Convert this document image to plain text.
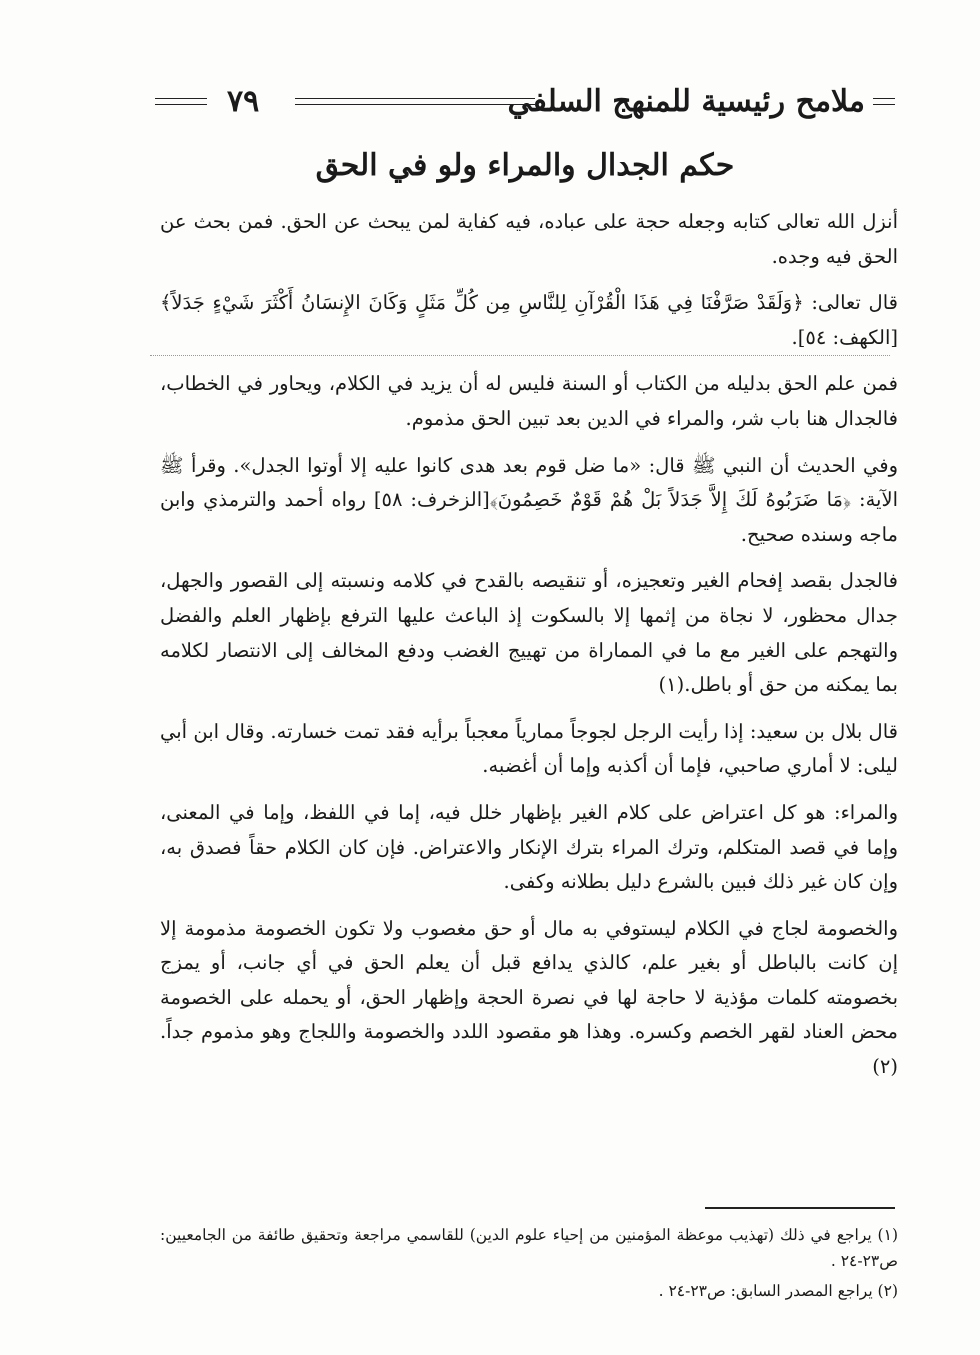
ملامح رئيسية للمنهج السلفي
٧٩
حكم الجدال والمراء ولو في الحق

أنزل الله تعالى كتابه وجعله حجة على عباده، فيه كفاية لمن يبحث عن الحق. فمن بحث عن الحق فيه وجده.

قال تعالى: ﴿وَلَقَدْ صَرَّفْنَا فِي هَذَا الْقُرْآنِ لِلنَّاسِ مِن كُلِّ مَثَلٍ وَكَانَ الإِنسَانُ أَكْثَرَ شَيْءٍ جَدَلاً﴾[الكهف: ٥٤].

فمن علم الحق بدليله من الكتاب أو السنة فليس له أن يزيد في الكلام، ويحاور في الخطاب، فالجدال هنا باب شر، والمراء في الدين بعد تبين الحق مذموم.

وفي الحديث أن النبي ﷺ قال: «ما ضل قوم بعد هدى كانوا عليه إلا أوتوا الجدل». وقرأ ﷺ الآية: ﴿مَا ضَرَبُوهُ لَكَ إِلاَّ جَدَلاً بَلْ هُمْ قَوْمٌ خَصِمُونَ﴾[الزخرف: ٥٨] رواه أحمد والترمذي وابن ماجه وسنده صحيح.

فالجدل بقصد إفحام الغير وتعجيزه، أو تنقيصه بالقدح في كلامه ونسبته إلى القصور والجهل، جدال محظور، لا نجاة من إثمها إلا بالسكوت إذ الباعث عليها الترفع بإظهار العلم والفضل والتهجم على الغير مع ما في المماراة من تهييج الغضب ودفع المخالف إلى الانتصار لكلامه بما يمكنه من حق أو باطل.(١)

قال بلال بن سعيد: إذا رأيت الرجل لجوجاً ممارياً معجباً برأيه فقد تمت خسارته. وقال ابن أبي ليلى: لا أماري صاحبي، فإما أن أكذبه وإما أن أغضبه.

والمراء: هو كل اعتراض على كلام الغير بإظهار خلل فيه، إما في اللفظ، وإما في المعنى، وإما في قصد المتكلم، وترك المراء بترك الإنكار والاعتراض. فإن كان الكلام حقاً فصدق به، وإن كان غير ذلك فبين بالشرع دليل بطلانه وكفى.

والخصومة لجاج في الكلام ليستوفي به مال أو حق مغصوب ولا تكون الخصومة مذمومة إلا إن كانت بالباطل أو بغير علم، كالذي يدافع قبل أن يعلم الحق في أي جانب، أو يمزج بخصومته كلمات مؤذية لا حاجة لها في نصرة الحجة وإظهار الحق، أو يحمله على الخصومة محض العناد لقهر الخصم وكسره. وهذا هو مقصود اللدد والخصومة واللجاج وهو مذموم جداً.(٢)

(١) يراجع في ذلك (تهذيب موعظة المؤمنين من إحياء علوم الدين) للقاسمي مراجعة وتحقيق طائفة من الجامعيين: ص٢٣-٢٤ .

(٢) يراجع المصدر السابق: ص٢٣-٢٤ .
